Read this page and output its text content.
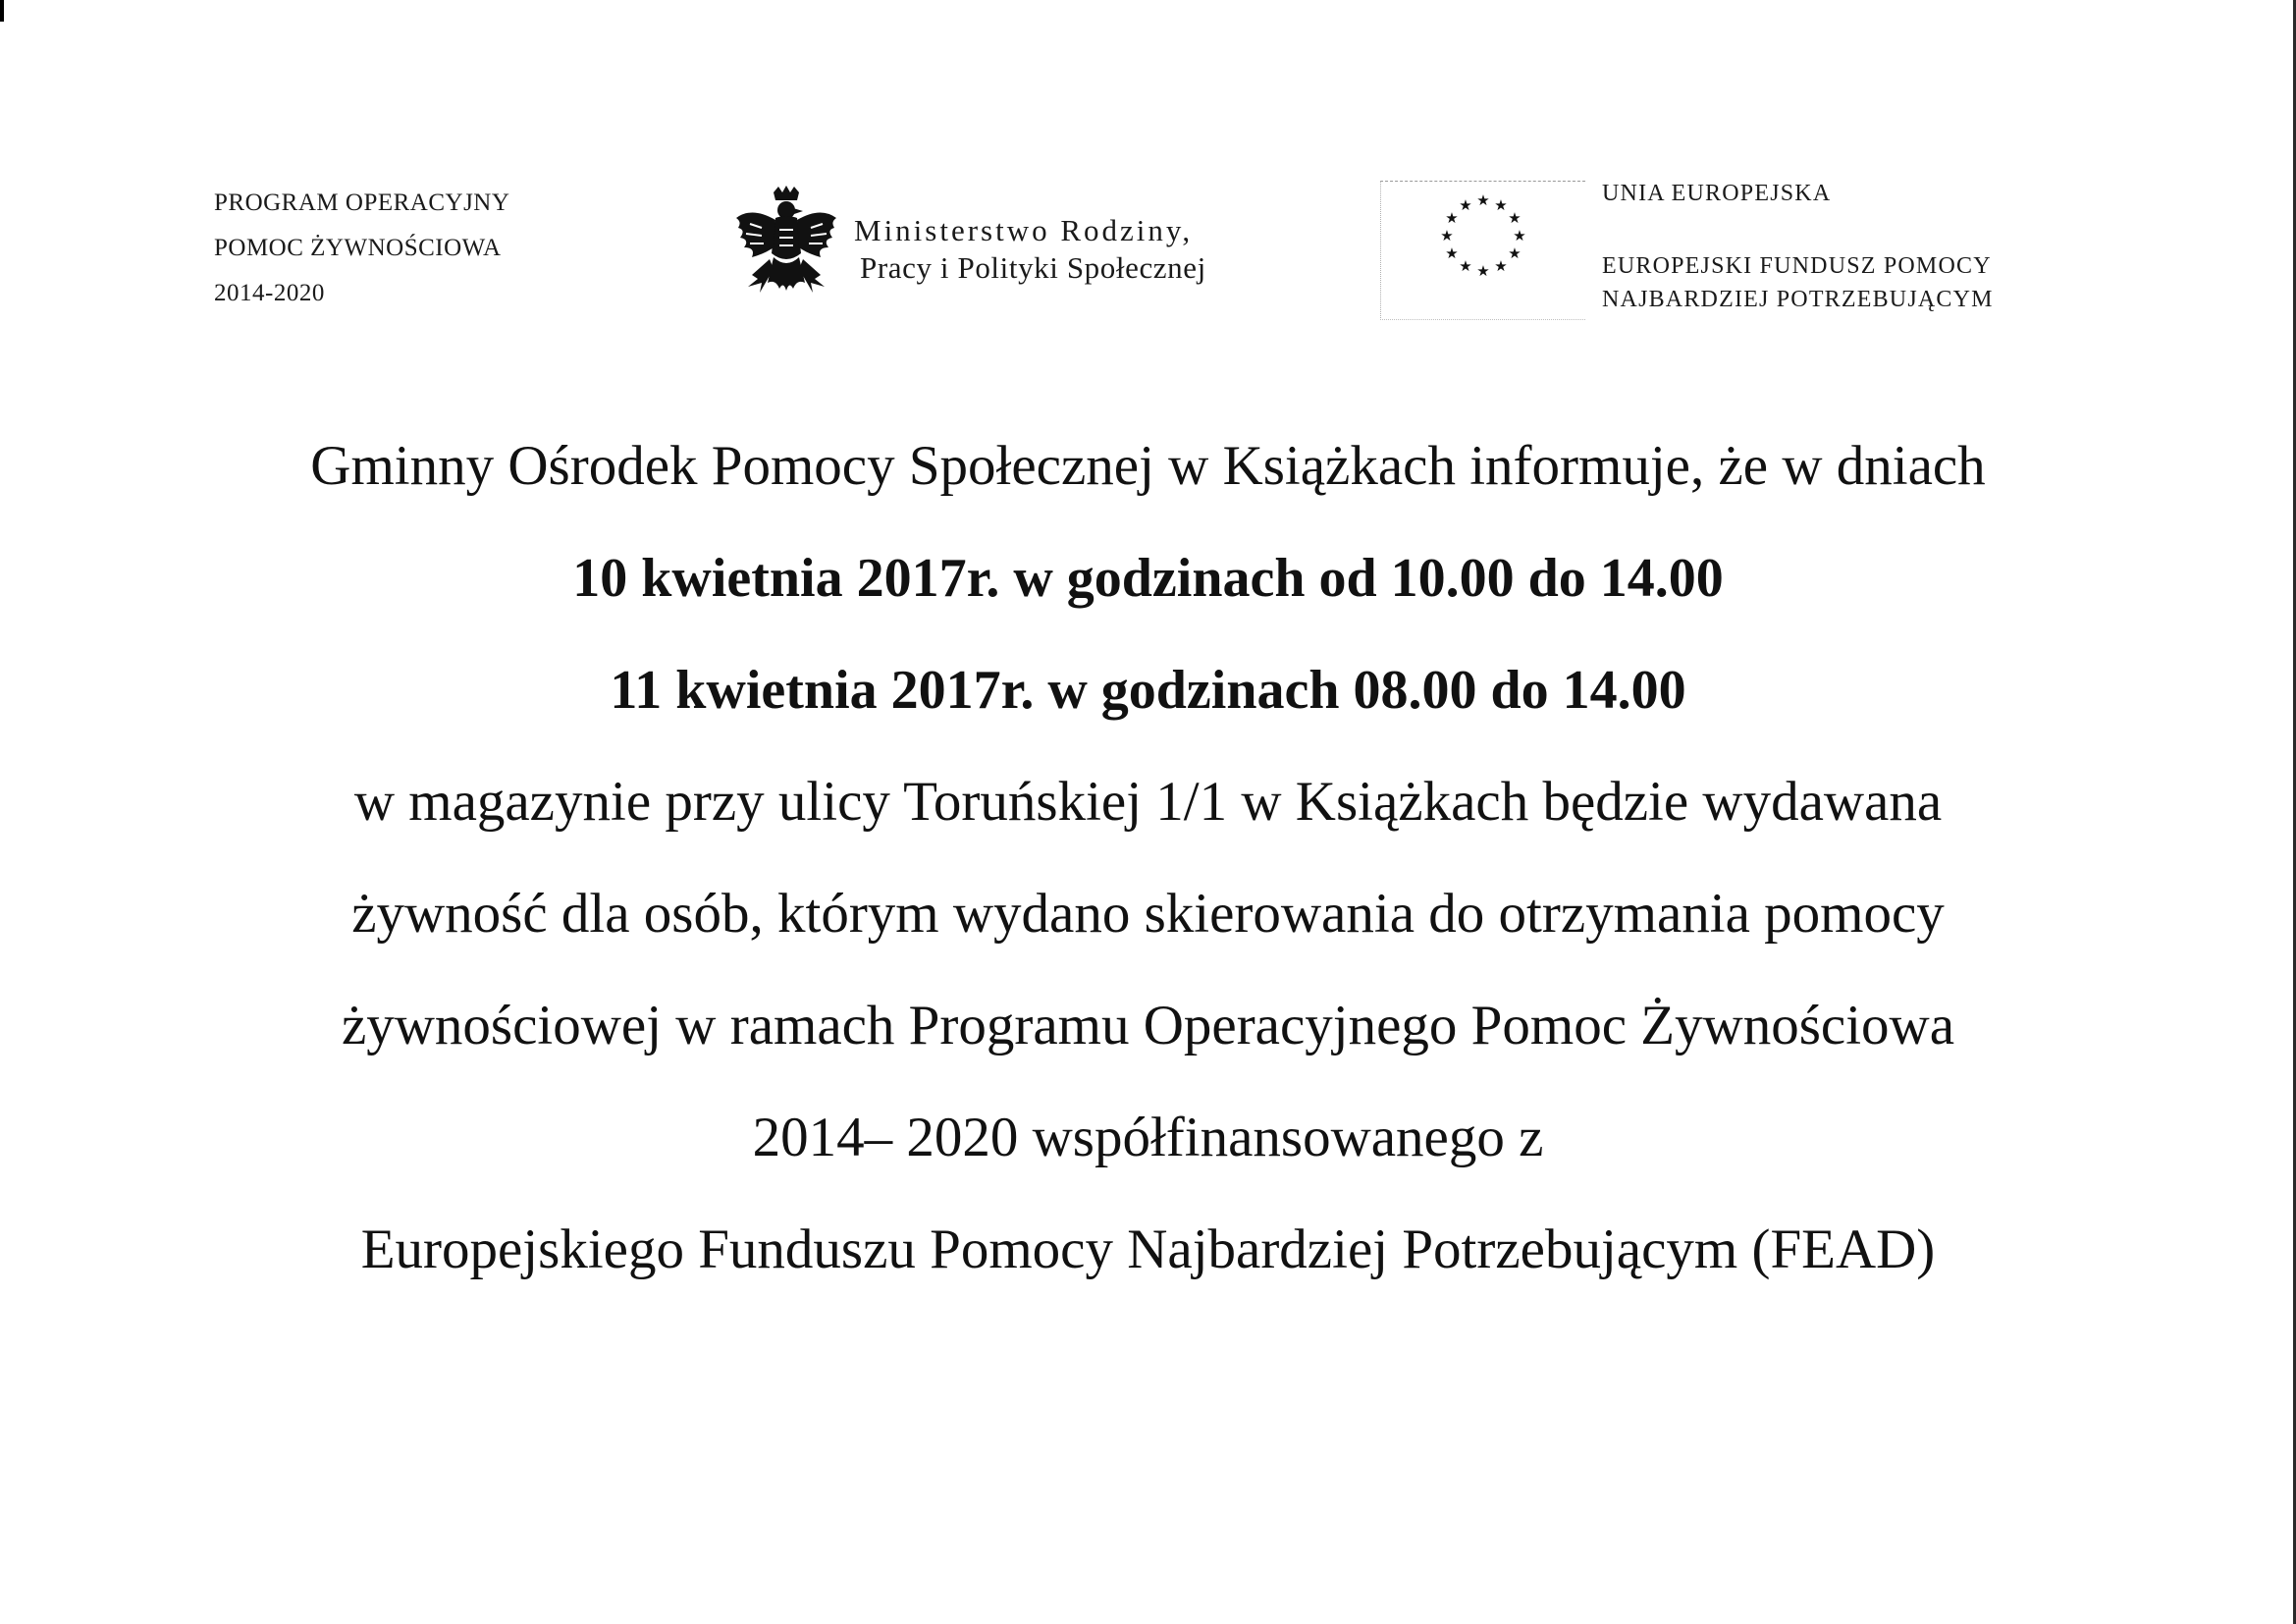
PROGRAM OPERACYJNY
POMOC ŻYWNOŚCIOWA
2014-2020
Ministerstwo Rodziny,
Pracy i Polityki Społecznej
★ ★
★
★
★
★
★
★
★
★
★
★	UNIA EUROPEJSKA
EUROPEJSKI FUNDUSZ POMOCY
NAJBARDZIEJ POTRZEBUJĄCYM
Gminny Ośrodek Pomocy Społecznej w Książkach informuje, że w dniach
10 kwietnia 2017r. w godzinach od 10.00 do 14.00
11 kwietnia 2017r. w godzinach 08.00 do 14.00
w magazynie przy ulicy Toruńskiej 1/1 w Książkach będzie wydawana
żywność dla osób, którym wydano skierowania do otrzymania pomocy
żywnościowej w ramach Programu Operacyjnego Pomoc Żywnościowa
2014– 2020 współfinansowanego z
Europejskiego Funduszu Pomocy Najbardziej Potrzebującym (FEAD)
